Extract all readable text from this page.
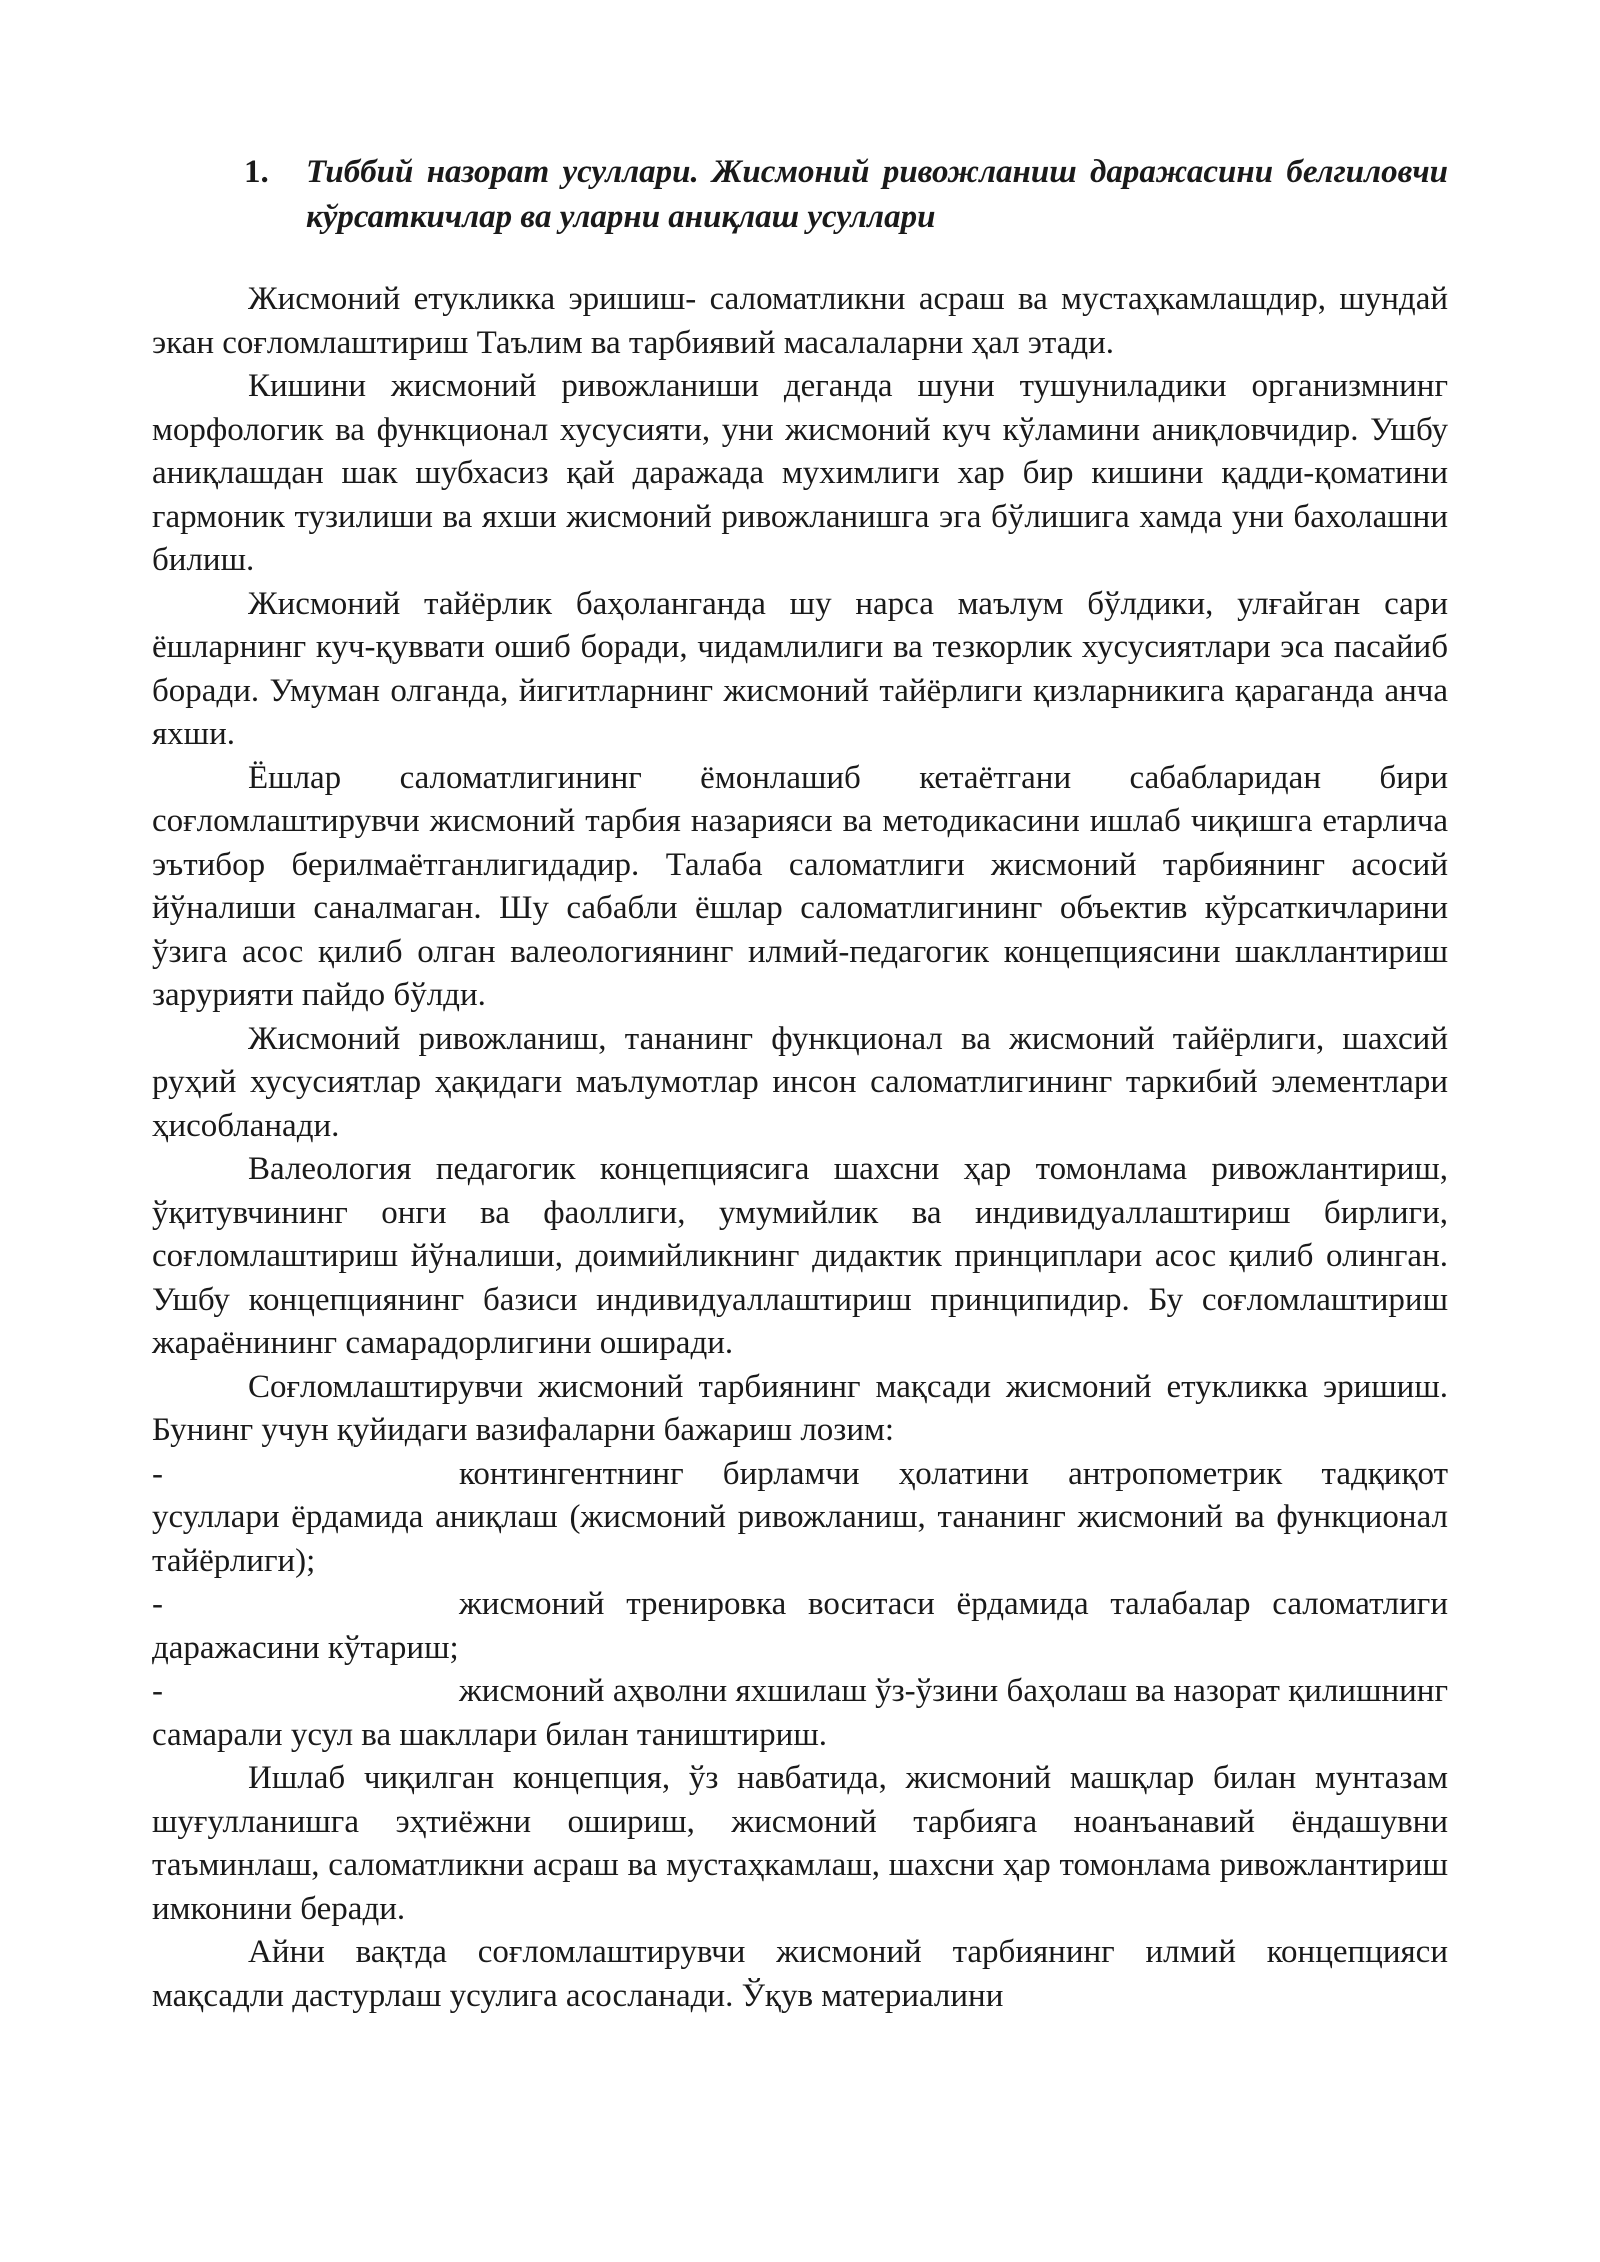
1.	Тиббий назорат усуллари. Жисмоний ривожланиш даражасини белгиловчи кўрсаткичлар ва уларни аниқлаш усуллари

Жисмоний етукликка эришиш- саломатликни асраш ва мустаҳкамлашдир, шундай экан соғломлаштириш Таълим ва тарбиявий масалаларни ҳал этади.

Кишини жисмоний ривожланиши деганда шуни тушуниладики организмнинг морфологик ва функционал хусусияти, уни жисмоний куч кўламини аниқловчидир. Ушбу аниқлашдан шак шубхасиз қай даражада мухимлиги хар бир кишини қадди-қоматини гармоник тузилиши ва яхши жисмоний ривожланишга эга бўлишига хамда уни бахолашни билиш.

Жисмоний тайёрлик баҳоланганда шу нарса маълум бўлдики, улғайган сари ёшларнинг куч-қуввати ошиб боради, чидамлилиги ва тезкорлик хусусиятлари эса пасайиб боради. Умуман олганда, йигитларнинг жисмоний тайёрлиги қизларникига қараганда анча яхши.

Ёшлар саломатлигининг ёмонлашиб кетаётгани сабабларидан бири соғломлаштирувчи жисмоний тарбия назарияси ва методикасини ишлаб чиқишга етарлича эътибор берилмаётганлигидадир. Талаба саломатлиги жисмоний тарбиянинг асосий йўналиши саналмаган. Шу сабабли ёшлар саломатлигининг объектив кўрсаткичларини ўзига асос қилиб олган валеологиянинг илмий-педагогик концепциясини шакллантириш зарурияти пайдо бўлди.

Жисмоний ривожланиш, тананинг функционал ва жисмоний тайёрлиги, шахсий руҳий хусусиятлар ҳақидаги маълумотлар инсон саломатлигининг таркибий элементлари ҳисобланади.

Валеология педагогик концепциясига шахсни ҳар томонлама ривожлантириш, ўқитувчининг онги ва фаоллиги, умумийлик ва индивидуаллаштириш бирлиги, соғломлаштириш йўналиши, доимийликнинг дидактик принциплари асос қилиб олинган. Ушбу концепциянинг базиси индивидуаллаштириш принципидир. Бу соғломлаштириш жараёнининг самарадорлигини оширади.

Соғломлаштирувчи жисмоний тарбиянинг мақсади жисмоний етукликка эришиш. Бунинг учун қуйидаги вазифаларни бажариш лозим:

-	контингентнинг бирламчи ҳолатини антропометрик тадқиқот усуллари ёрдамида аниқлаш (жисмоний ривожланиш, тананинг жисмоний ва функционал тайёрлиги);

-	жисмоний тренировка воситаси ёрдамида талабалар саломатлиги даражасини кўтариш;

-	жисмоний аҳволни яхшилаш ўз-ўзини баҳолаш ва назорат қилишнинг самарали усул ва шакллари билан таништириш.

Ишлаб чиқилган концепция, ўз навбатида, жисмоний машқлар билан мунтазам шуғулланишга эҳтиёжни ошириш, жисмоний тарбияга ноанъанавий ёндашувни таъминлаш, саломатликни асраш ва мустаҳкамлаш, шахсни ҳар томонлама ривожлантириш имконини беради.

Айни вақтда соғломлаштирувчи жисмоний тарбиянинг илмий концепцияси мақсадли дастурлаш усулига асосланади. Ўқув материалини
